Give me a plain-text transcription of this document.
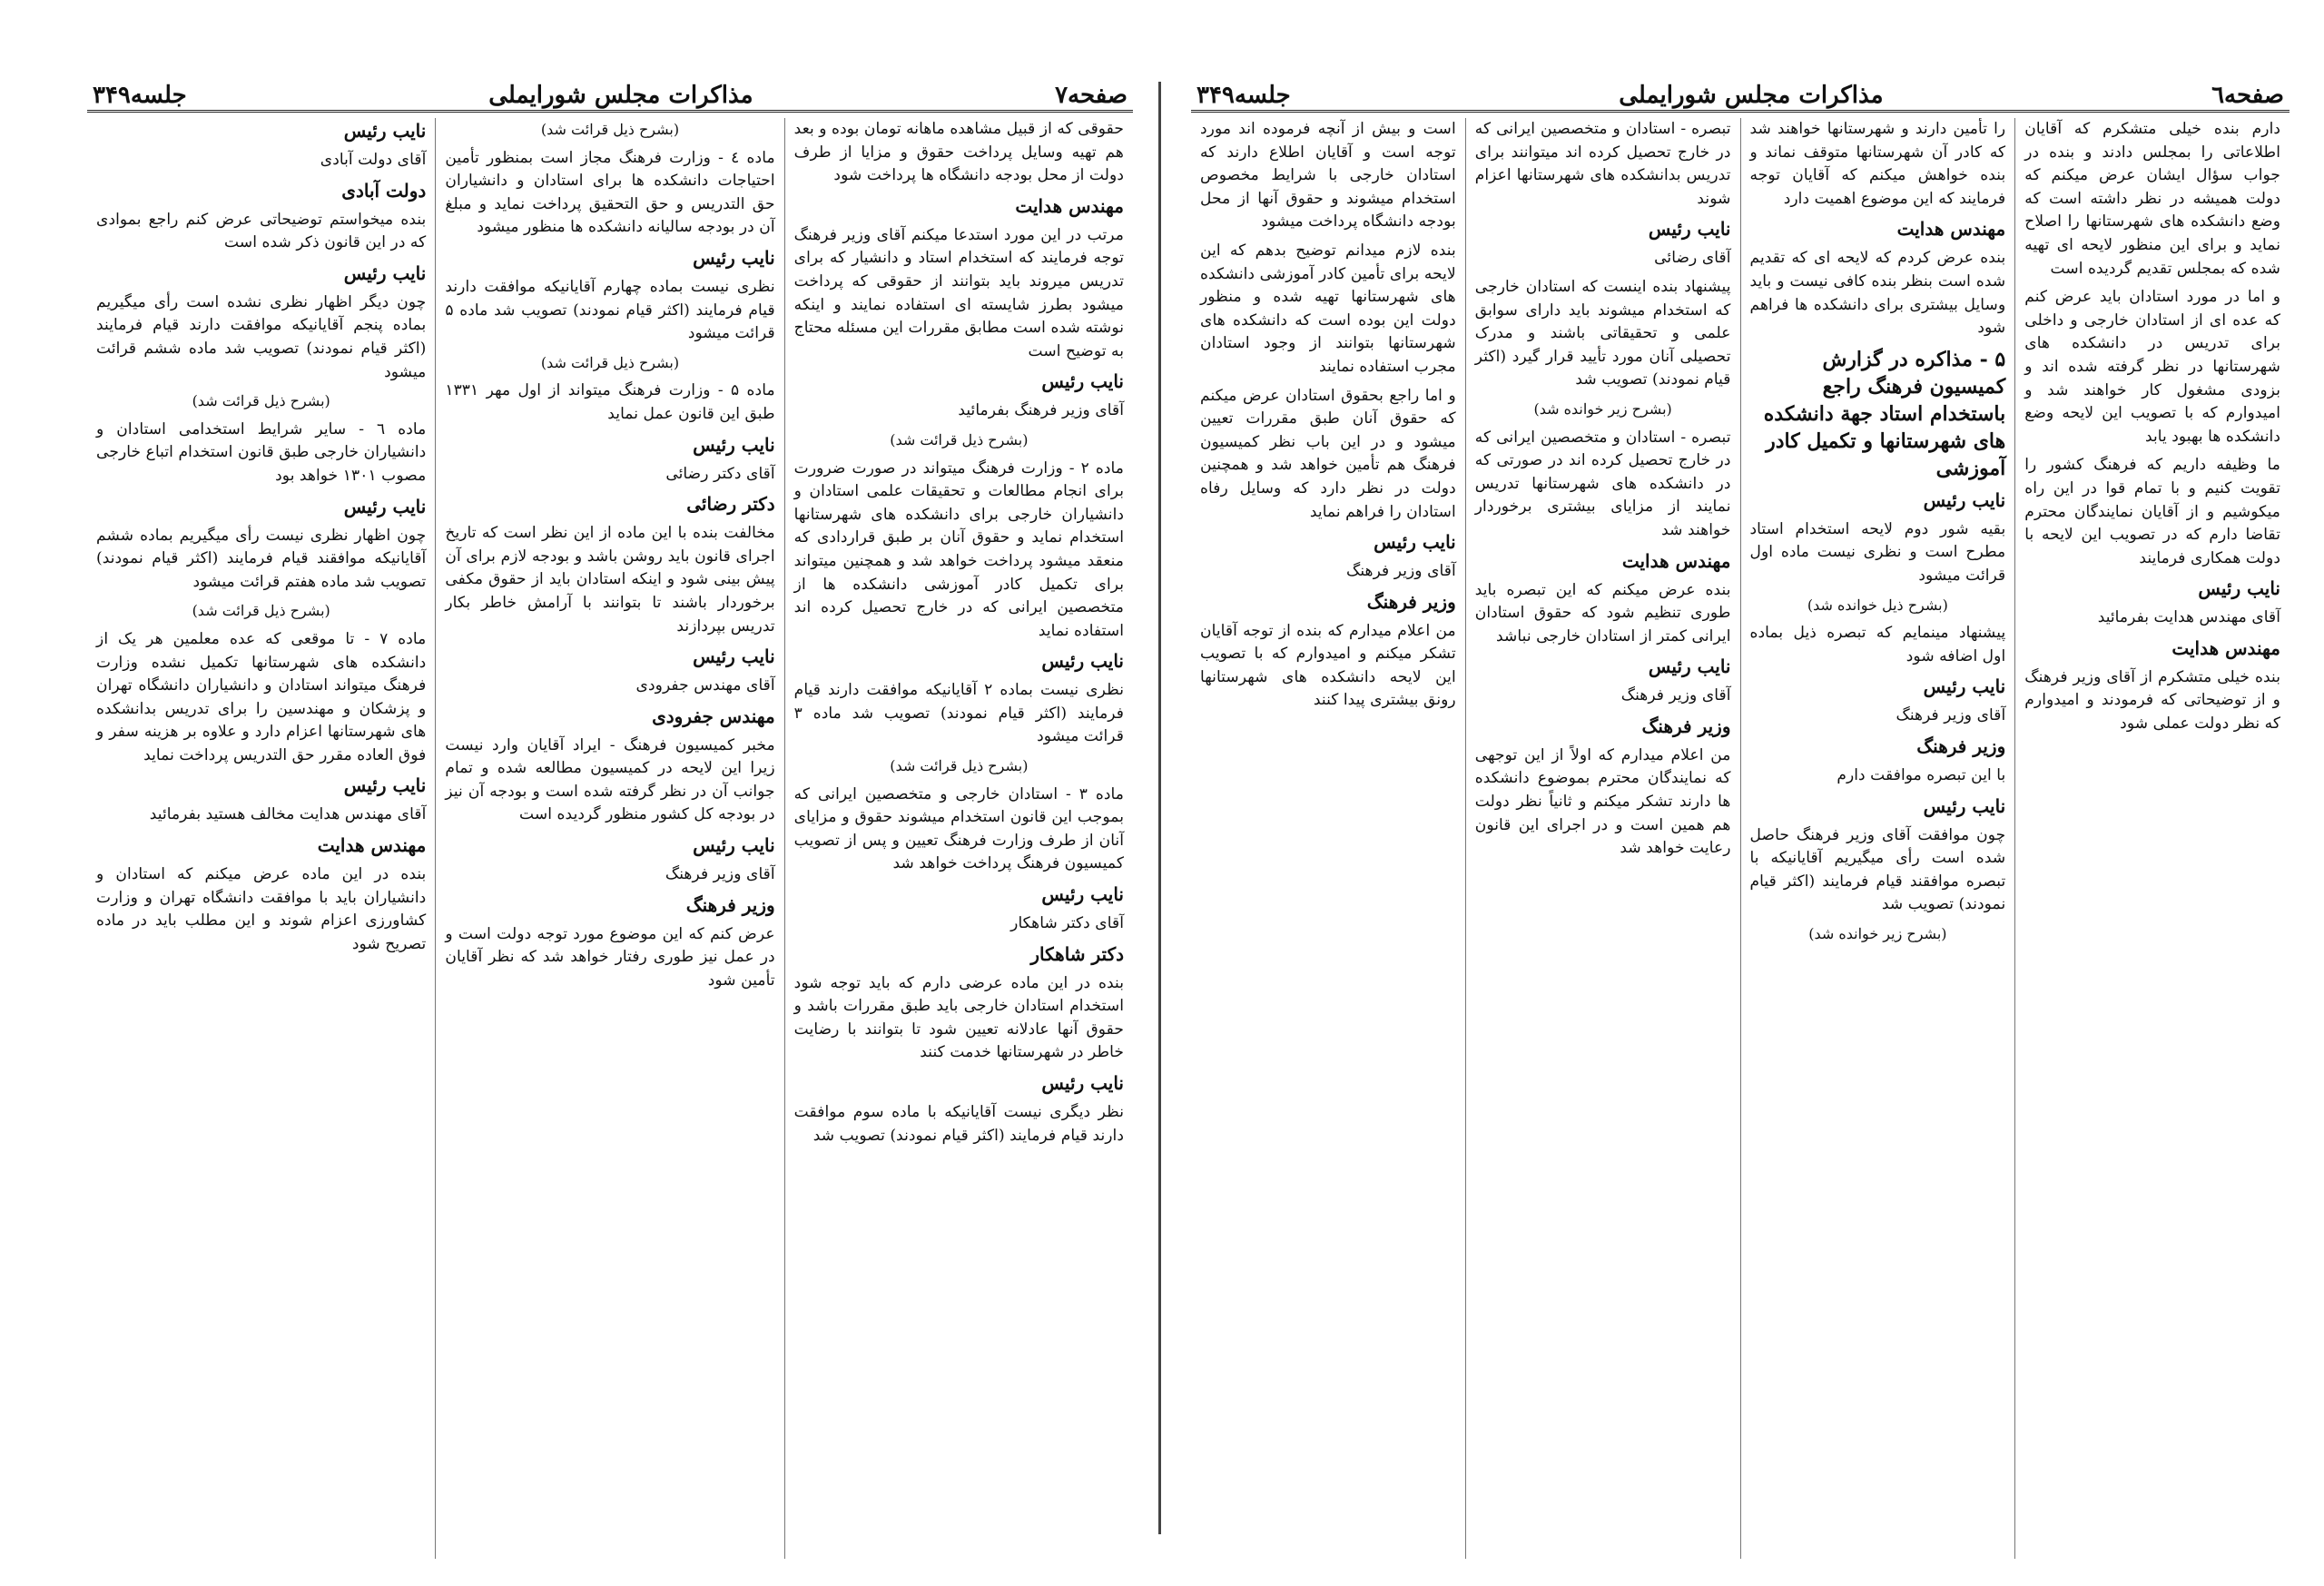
صفحه۷
مذاکرات مجلس شورایملی
جلسه۳۴۹
حقوقی که از قبیل مشاهده ماهانه تومان بوده و بعد هم تهیه وسایل پرداخت حقوق و مزایا از طرف دولت از محل بودجه دانشگاه ها پرداخت شود
مهندس هدایت
مرتب در این مورد استدعا میکنم آقای وزیر فرهنگ توجه فرمایند که استخدام استاد و دانشیار که برای تدریس میروند باید بتوانند از حقوقی که پرداخت میشود بطرز شایسته ای استفاده نمایند و اینکه نوشته شده است مطابق مقررات این مسئله محتاج به توضیح است
نایب رئیس
آقای وزیر فرهنگ بفرمائید
(بشرح ذیل قرائت شد)
ماده ۲ - وزارت فرهنگ میتواند در صورت ضرورت برای انجام مطالعات و تحقیقات علمی استادان و دانشیاران خارجی برای دانشکده های شهرستانها استخدام نماید و حقوق آنان بر طبق قراردادی که منعقد میشود پرداخت خواهد شد و همچنین میتواند برای تکمیل کادر آموزشی دانشکده ها از متخصصین ایرانی که در خارج تحصیل کرده اند استفاده نماید
نایب رئیس
نظری نیست بماده ۲ آقایانیکه موافقت دارند قیام فرمایند (اکثر قیام نمودند) تصویب شد ماده ۳ قرائت میشود
(بشرح ذیل قرائت شد)
ماده ۳ - استادان خارجی و متخصصین ایرانی که بموجب این قانون استخدام میشوند حقوق و مزایای آنان از طرف وزارت فرهنگ تعیین و پس از تصویب کمیسیون فرهنگ پرداخت خواهد شد
نایب رئیس
آقای دکتر شاهکار
دکتر شاهکار
بنده در این ماده عرضی دارم که باید توجه شود استخدام استادان خارجی باید طبق مقررات باشد و حقوق آنها عادلانه تعیین شود تا بتوانند با رضایت خاطر در شهرستانها خدمت کنند
نایب رئیس
نظر دیگری نیست آقایانیکه با ماده سوم موافقت دارند قیام فرمایند (اکثر قیام نمودند) تصویب شد
(بشرح ذیل قرائت شد)
ماده ٤ - وزارت فرهنگ مجاز است بمنظور تأمین احتیاجات دانشکده ها برای استادان و دانشیاران حق التدریس و حق التحقیق پرداخت نماید و مبلغ آن در بودجه سالیانه دانشکده ها منظور میشود
نایب رئیس
نظری نیست بماده چهارم آقایانیکه موافقت دارند قیام فرمایند (اکثر قیام نمودند) تصویب شد ماده ۵ قرائت میشود
(بشرح ذیل قرائت شد)
ماده ۵ - وزارت فرهنگ میتواند از اول مهر ۱۳۳۱ طبق این قانون عمل نماید
نایب رئیس
آقای دکتر رضائی
دکتر رضائی
مخالفت بنده با این ماده از این نظر است که تاریخ اجرای قانون باید روشن باشد و بودجه لازم برای آن پیش بینی شود و اینکه استادان باید از حقوق مکفی برخوردار باشند تا بتوانند با آرامش خاطر بکار تدریس بپردازند
نایب رئیس
آقای مهندس جفرودی
مهندس جفرودی
مخبر کمیسیون فرهنگ - ایراد آقایان وارد نیست زیرا این لایحه در کمیسیون مطالعه شده و تمام جوانب آن در نظر گرفته شده است و بودجه آن نیز در بودجه کل کشور منظور گردیده است
نایب رئیس
آقای وزیر فرهنگ
وزیر فرهنگ
عرض کنم که این موضوع مورد توجه دولت است و در عمل نیز طوری رفتار خواهد شد که نظر آقایان تأمین شود
نایب رئیس
آقای دولت آبادی
دولت آبادی
بنده میخواستم توضیحاتی عرض کنم راجع بموادی که در این قانون ذکر شده است
نایب رئیس
چون دیگر اظهار نظری نشده است رأی میگیریم بماده پنجم آقایانیکه موافقت دارند قیام فرمایند (اکثر قیام نمودند) تصویب شد ماده ششم قرائت میشود
(بشرح ذیل قرائت شد)
ماده ٦ - سایر شرایط استخدامی استادان و دانشیاران خارجی طبق قانون استخدام اتباع خارجی مصوب ۱۳۰۱ خواهد بود
نایب رئیس
چون اظهار نظری نیست رأی میگیریم بماده ششم آقایانیکه موافقند قیام فرمایند (اکثر قیام نمودند) تصویب شد ماده هفتم قرائت میشود
(بشرح ذیل قرائت شد)
ماده ۷ - تا موقعی که عده معلمین هر یک از دانشکده های شهرستانها تکمیل نشده وزارت فرهنگ میتواند استادان و دانشیاران دانشگاه تهران و پزشکان و مهندسین را برای تدریس بدانشکده های شهرستانها اعزام دارد و علاوه بر هزینه سفر و فوق العاده مقرر حق التدریس پرداخت نماید
نایب رئیس
آقای مهندس هدایت مخالف هستید بفرمائید
مهندس هدایت
بنده در این ماده عرض میکنم که استادان و دانشیاران باید با موافقت دانشگاه تهران و وزارت کشاورزی اعزام شوند و این مطلب باید در ماده تصریح شود
صفحه٦
مذاکرات مجلس شورایملی
جلسه۳۴۹
دارم بنده خیلی متشکرم که آقایان اطلاعاتی را بمجلس دادند و بنده در جواب سؤال ایشان عرض میکنم که دولت همیشه در نظر داشته است که وضع دانشکده های شهرستانها را اصلاح نماید و برای این منظور لایحه ای تهیه شده که بمجلس تقدیم گردیده است
و اما در مورد استادان باید عرض کنم که عده ای از استادان خارجی و داخلی برای تدریس در دانشکده های شهرستانها در نظر گرفته شده اند و بزودی مشغول کار خواهند شد و امیدوارم که با تصویب این لایحه وضع دانشکده ها بهبود یابد
ما وظیفه داریم که فرهنگ کشور را تقویت کنیم و با تمام قوا در این راه میکوشیم و از آقایان نمایندگان محترم تقاضا دارم که در تصویب این لایحه با دولت همکاری فرمایند
نایب رئیس
آقای مهندس هدایت بفرمائید
مهندس هدایت
بنده خیلی متشکرم از آقای وزیر فرهنگ و از توضیحاتی که فرمودند و امیدوارم که نظر دولت عملی شود
را تأمین دارند و شهرستانها خواهند شد که کادر آن شهرستانها متوقف نماند و بنده خواهش میکنم که آقایان توجه فرمایند که این موضوع اهمیت دارد
مهندس هدایت
بنده عرض کردم که لایحه ای که تقدیم شده است بنظر بنده کافی نیست و باید وسایل بیشتری برای دانشکده ها فراهم شود
۵ - مذاکره در گزارش کمیسیون فرهنگ راجع باستخدام استاد جهة دانشکده های شهرستانها و تکمیل کادر آموزشی
نایب رئیس
بقیه شور دوم لایحه استخدام استاد مطرح است و نظری نیست ماده اول قرائت میشود
(بشرح ذیل خوانده شد)
پیشنهاد مینمایم که تبصره ذیل بماده اول اضافه شود
نایب رئیس
آقای وزیر فرهنگ
وزیر فرهنگ
با این تبصره موافقت دارم
نایب رئیس
چون موافقت آقای وزیر فرهنگ حاصل شده است رأی میگیریم آقایانیکه با تبصره موافقند قیام فرمایند (اکثر قیام نمودند) تصویب شد
(بشرح زیر خوانده شد)
تبصره - استادان و متخصصین ایرانی که در خارج تحصیل کرده اند میتوانند برای تدریس بدانشکده های شهرستانها اعزام شوند
نایب رئیس
آقای رضائی
پیشنهاد بنده اینست که استادان خارجی که استخدام میشوند باید دارای سوابق علمی و تحقیقاتی باشند و مدرک تحصیلی آنان مورد تأیید قرار گیرد (اکثر قیام نمودند) تصویب شد
(بشرح زیر خوانده شد)
تبصره - استادان و متخصصین ایرانی که در خارج تحصیل کرده اند در صورتی که در دانشکده های شهرستانها تدریس نمایند از مزایای بیشتری برخوردار خواهند شد
مهندس هدایت
بنده عرض میکنم که این تبصره باید طوری تنظیم شود که حقوق استادان ایرانی کمتر از استادان خارجی نباشد
نایب رئیس
آقای وزیر فرهنگ
وزیر فرهنگ
من اعلام میدارم که اولاً از این توجهی که نمایندگان محترم بموضوع دانشکده ها دارند تشکر میکنم و ثانیاً نظر دولت هم همین است و در اجرای این قانون رعایت خواهد شد
است و بیش از آنچه فرموده اند مورد توجه است و آقایان اطلاع دارند که استادان خارجی با شرایط مخصوص استخدام میشوند و حقوق آنها از محل بودجه دانشگاه پرداخت میشود
بنده لازم میدانم توضیح بدهم که این لایحه برای تأمین کادر آموزشی دانشکده های شهرستانها تهیه شده و منظور دولت این بوده است که دانشکده های شهرستانها بتوانند از وجود استادان مجرب استفاده نمایند
و اما راجع بحقوق استادان عرض میکنم که حقوق آنان طبق مقررات تعیین میشود و در این باب نظر کمیسیون فرهنگ هم تأمین خواهد شد و همچنین دولت در نظر دارد که وسایل رفاه استادان را فراهم نماید
نایب رئیس
آقای وزیر فرهنگ
وزیر فرهنگ
من اعلام میدارم که بنده از توجه آقایان تشکر میکنم و امیدوارم که با تصویب این لایحه دانشکده های شهرستانها رونق بیشتری پیدا کنند
